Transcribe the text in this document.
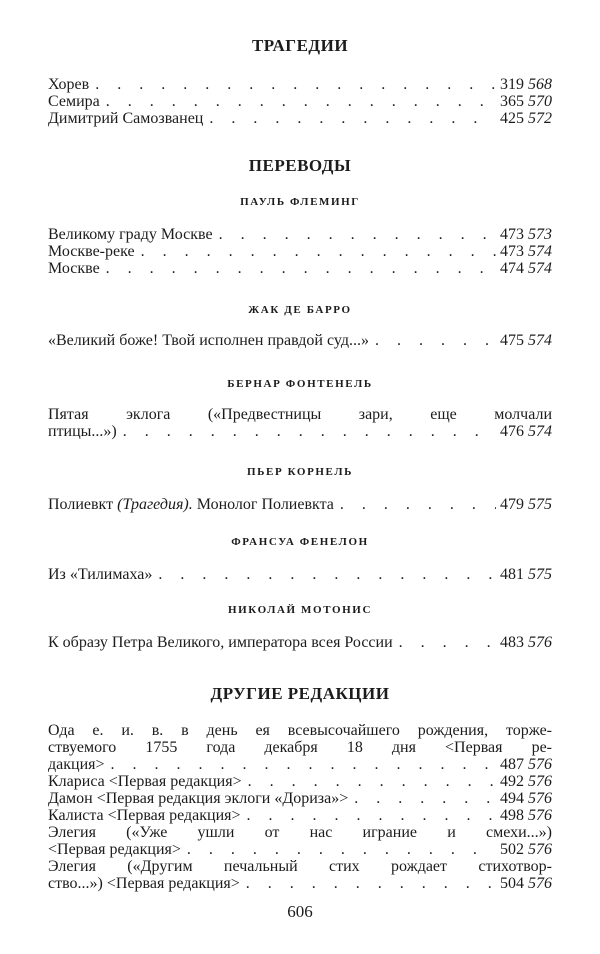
ТРАГЕДИИ
Хорев . . .	319 568
Семира . . .	365 570
Димитрий Самозванец . . .	425 572
ПЕРЕВОДЫ
ПАУЛЬ ФЛЕМИНГ
Великому граду Москве . . .	473 573
Москве-реке . . .	473 574
Москве . . .	474 574
ЖАК ДЕ БАРРО
«Великий боже! Твой исполнен правдой суд...» . . .	475 574
БЕРНАР ФОНТЕНЕЛЬ
Пятая эклога («Предвестницы зари, еще молчали
птицы...») . . .	476 574
ПЬЕР КОРНЕЛЬ
Полиевкт (Трагедия). Монолог Полиевкта . . .	479 575
ФРАНСУА ФЕНЕЛОН
Из «Тилимаха» . . .	481 575
НИКОЛАЙ МОТОНИС
К образу Петра Великого, императора всея России . . .	483 576
ДРУГИЕ РЕДАКЦИИ
Ода е. и. в. в день ея всевысочайшего рождения, торже-
ствуемого 1755 года декабря 18 дня <Первая ре-
дакция> . . .	487 576
Клариса <Первая редакция> . . .	492 576
Дамон <Первая редакция эклоги «Дориза»> . . .	494 576
Калиста <Первая редакция> . . .	498 576
Элегия («Уже ушли от нас играние и смехи...»)
<Первая редакция> . . .	502 576
Элегия («Другим печальный стих рождает стихотвор-
ство...») <Первая редакция> . . .	504 576
606
